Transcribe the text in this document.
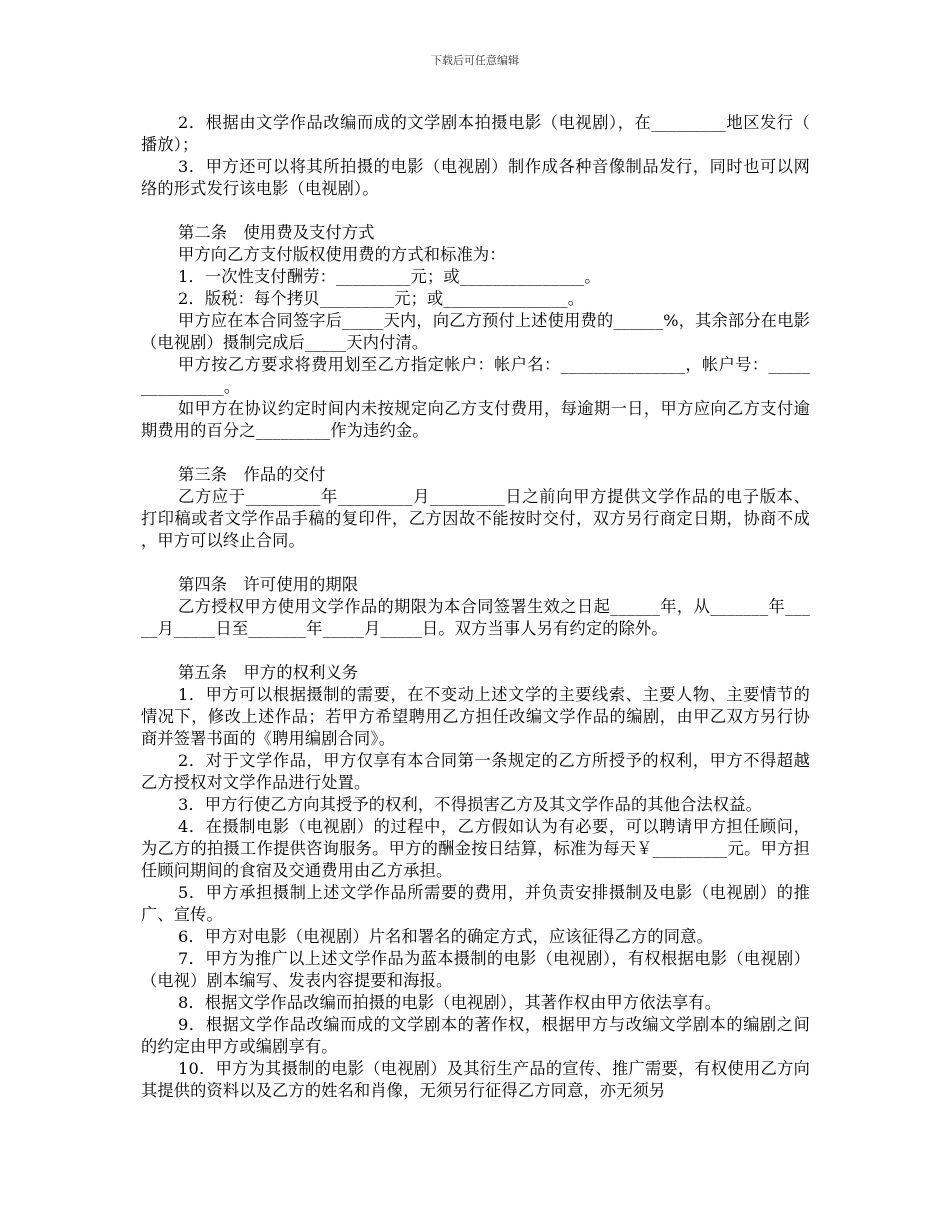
下载后可任意编辑

2．根据由文学作品改编而成的文学剧本拍摄电影（电视剧），在_________地区发行（播放）；

3．甲方还可以将其所拍摄的电影（电视剧）制作成各种音像制品发行，同时也可以网络的形式发行该电影（电视剧）。

第二条　使用费及支付方式

甲方向乙方支付版权使用费的方式和标准为：

1．一次性支付酬劳：_________元；或_______________。

2．版税：每个拷贝_________元；或_______________。

甲方应在本合同签字后_____天内，向乙方预付上述使用费的______%，其余部分在电影（电视剧）摄制完成后_____天内付清。

甲方按乙方要求将费用划至乙方指定帐户：帐户名：_______________，帐户号：_______________。

如甲方在协议约定时间内未按规定向乙方支付费用，每逾期一日，甲方应向乙方支付逾期费用的百分之_________作为违约金。

第三条　作品的交付

乙方应于_________年_________月_________日之前向甲方提供文学作品的电子版本、打印稿或者文学作品手稿的复印件，乙方因故不能按时交付，双方另行商定日期，协商不成，甲方可以终止合同。

第四条　许可使用的期限

乙方授权甲方使用文学作品的期限为本合同签署生效之日起______年，从_______年_____月_____日至_______年_____月_____日。双方当事人另有约定的除外。

第五条　甲方的权利义务

1．甲方可以根据摄制的需要，在不变动上述文学的主要线索、主要人物、主要情节的情况下，修改上述作品；若甲方希望聘用乙方担任改编文学作品的编剧，由甲乙双方另行协商并签署书面的《聘用编剧合同》。

2．对于文学作品，甲方仅享有本合同第一条规定的乙方所授予的权利，甲方不得超越乙方授权对文学作品进行处置。

3．甲方行使乙方向其授予的权利，不得损害乙方及其文学作品的其他合法权益。

4．在摄制电影（电视剧）的过程中，乙方假如认为有必要，可以聘请甲方担任顾问，为乙方的拍摄工作提供咨询服务。甲方的酬金按日结算，标准为每天￥_________元。甲方担任顾问期间的食宿及交通费用由乙方承担。

5．甲方承担摄制上述文学作品所需要的费用，并负责安排摄制及电影（电视剧）的推广、宣传。

6．甲方对电影（电视剧）片名和署名的确定方式，应该征得乙方的同意。

7．甲方为推广以上述文学作品为蓝本摄制的电影（电视剧），有权根据电影（电视剧）（电视）剧本编写、发表内容提要和海报。

8．根据文学作品改编而拍摄的电影（电视剧），其著作权由甲方依法享有。

9．根据文学作品改编而成的文学剧本的著作权，根据甲方与改编文学剧本的编剧之间的约定由甲方或编剧享有。

10．甲方为其摄制的电影（电视剧）及其衍生产品的宣传、推广需要，有权使用乙方向其提供的资料以及乙方的姓名和肖像，无须另行征得乙方同意，亦无须另
